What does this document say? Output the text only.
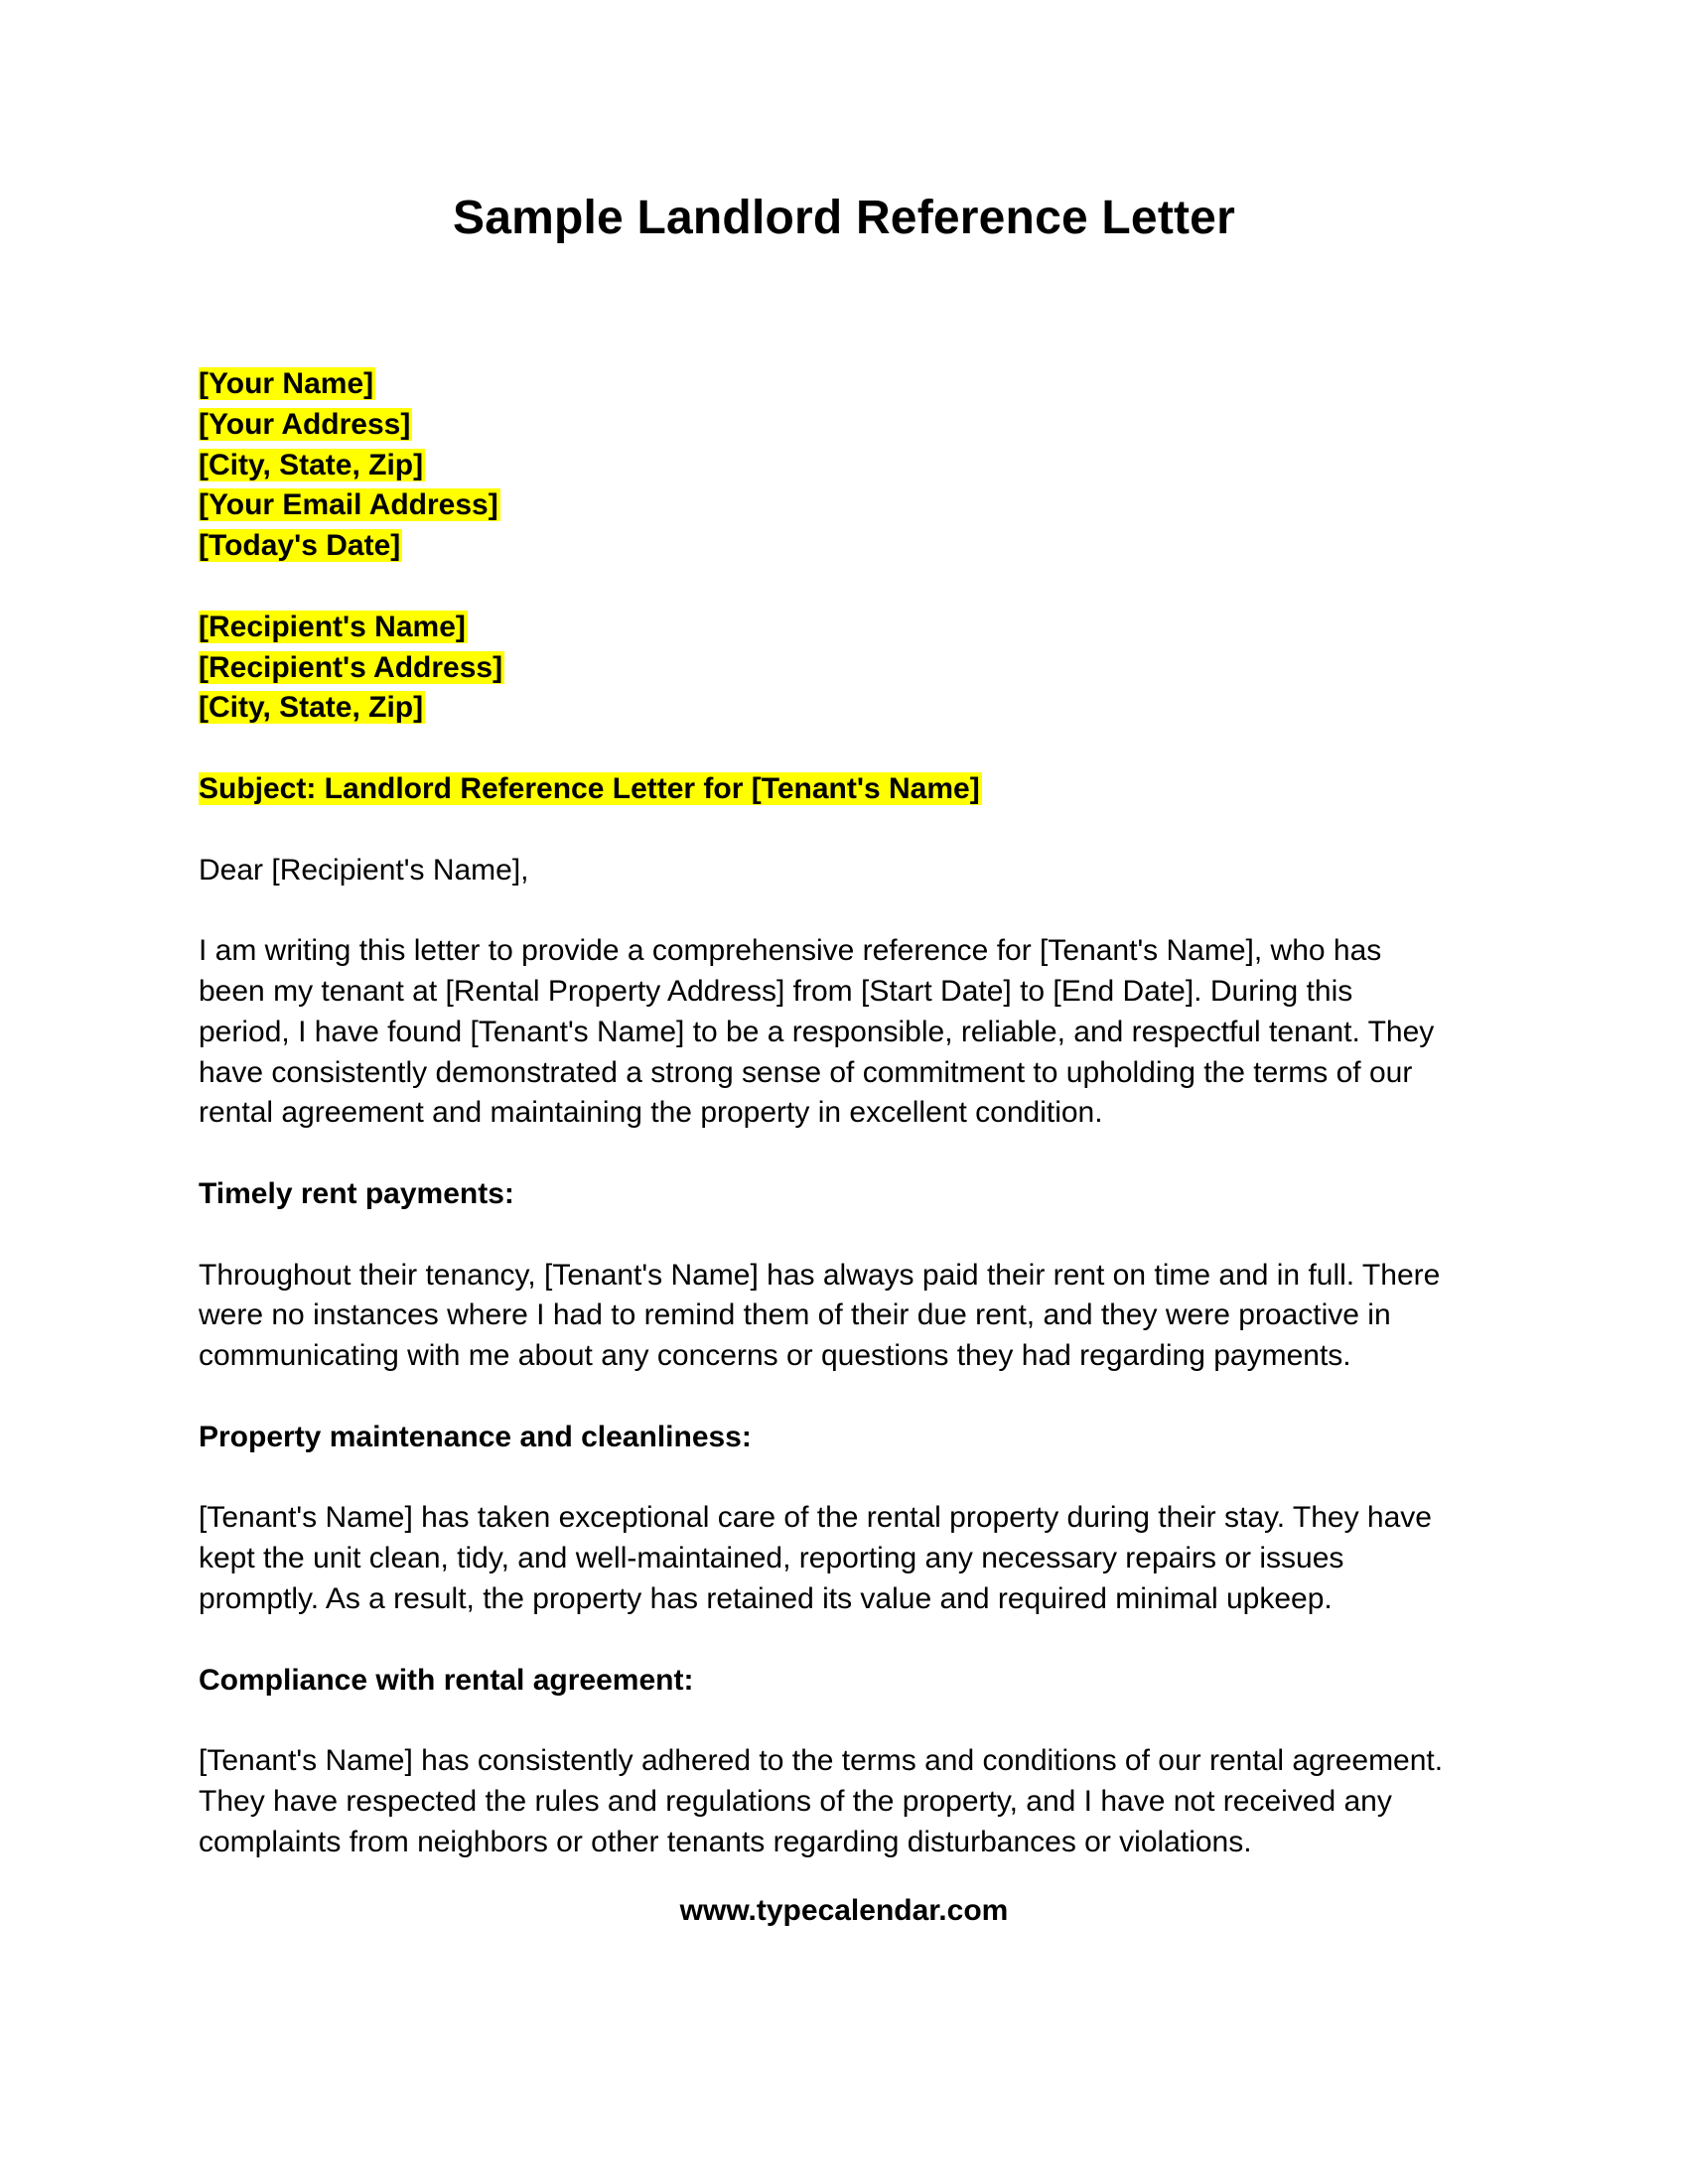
Sample Landlord Reference Letter
[Your Name]
[Your Address]
[City, State, Zip]
[Your Email Address]
[Today's Date]
[Recipient's Name]
[Recipient's Address]
[City, State, Zip]
Subject: Landlord Reference Letter for [Tenant's Name]
Dear [Recipient's Name],
I am writing this letter to provide a comprehensive reference for [Tenant's Name], who has
been my tenant at [Rental Property Address] from [Start Date] to [End Date]. During this
period, I have found [Tenant's Name] to be a responsible, reliable, and respectful tenant. They
have consistently demonstrated a strong sense of commitment to upholding the terms of our
rental agreement and maintaining the property in excellent condition.
Timely rent payments:
Throughout their tenancy, [Tenant's Name] has always paid their rent on time and in full. There
were no instances where I had to remind them of their due rent, and they were proactive in
communicating with me about any concerns or questions they had regarding payments.
Property maintenance and cleanliness:
[Tenant's Name] has taken exceptional care of the rental property during their stay. They have
kept the unit clean, tidy, and well-maintained, reporting any necessary repairs or issues
promptly. As a result, the property has retained its value and required minimal upkeep.
Compliance with rental agreement:
[Tenant's Name] has consistently adhered to the terms and conditions of our rental agreement.
They have respected the rules and regulations of the property, and I have not received any
complaints from neighbors or other tenants regarding disturbances or violations.
www.typecalendar.com
